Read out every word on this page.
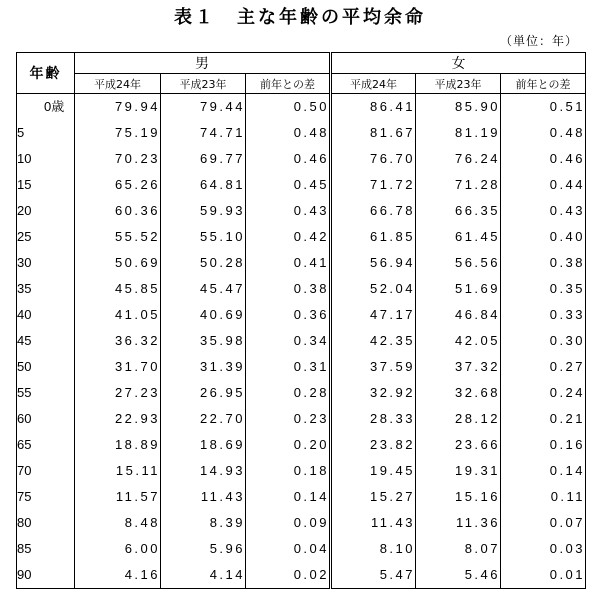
表１　主な年齢の平均余命
（単位：年）
年齢	男			女		
	平成24年	平成23年	前年との差	平成24年	平成23年	前年との差
0歳	79.94	79.44	0.50	86.41	85.90	0.51
5	75.19	74.71	0.48	81.67	81.19	0.48
10	70.23	69.77	0.46	76.70	76.24	0.46
15	65.26	64.81	0.45	71.72	71.28	0.44
20	60.36	59.93	0.43	66.78	66.35	0.43
25	55.52	55.10	0.42	61.85	61.45	0.40
30	50.69	50.28	0.41	56.94	56.56	0.38
35	45.85	45.47	0.38	52.04	51.69	0.35
40	41.05	40.69	0.36	47.17	46.84	0.33
45	36.32	35.98	0.34	42.35	42.05	0.30
50	31.70	31.39	0.31	37.59	37.32	0.27
55	27.23	26.95	0.28	32.92	32.68	0.24
60	22.93	22.70	0.23	28.33	28.12	0.21
65	18.89	18.69	0.20	23.82	23.66	0.16
70	15.11	14.93	0.18	19.45	19.31	0.14
75	11.57	11.43	0.14	15.27	15.16	0.11
80	8.48	8.39	0.09	11.43	11.36	0.07
85	6.00	5.96	0.04	8.10	8.07	0.03
90	4.16	4.14	0.02	5.47	5.46	0.01
